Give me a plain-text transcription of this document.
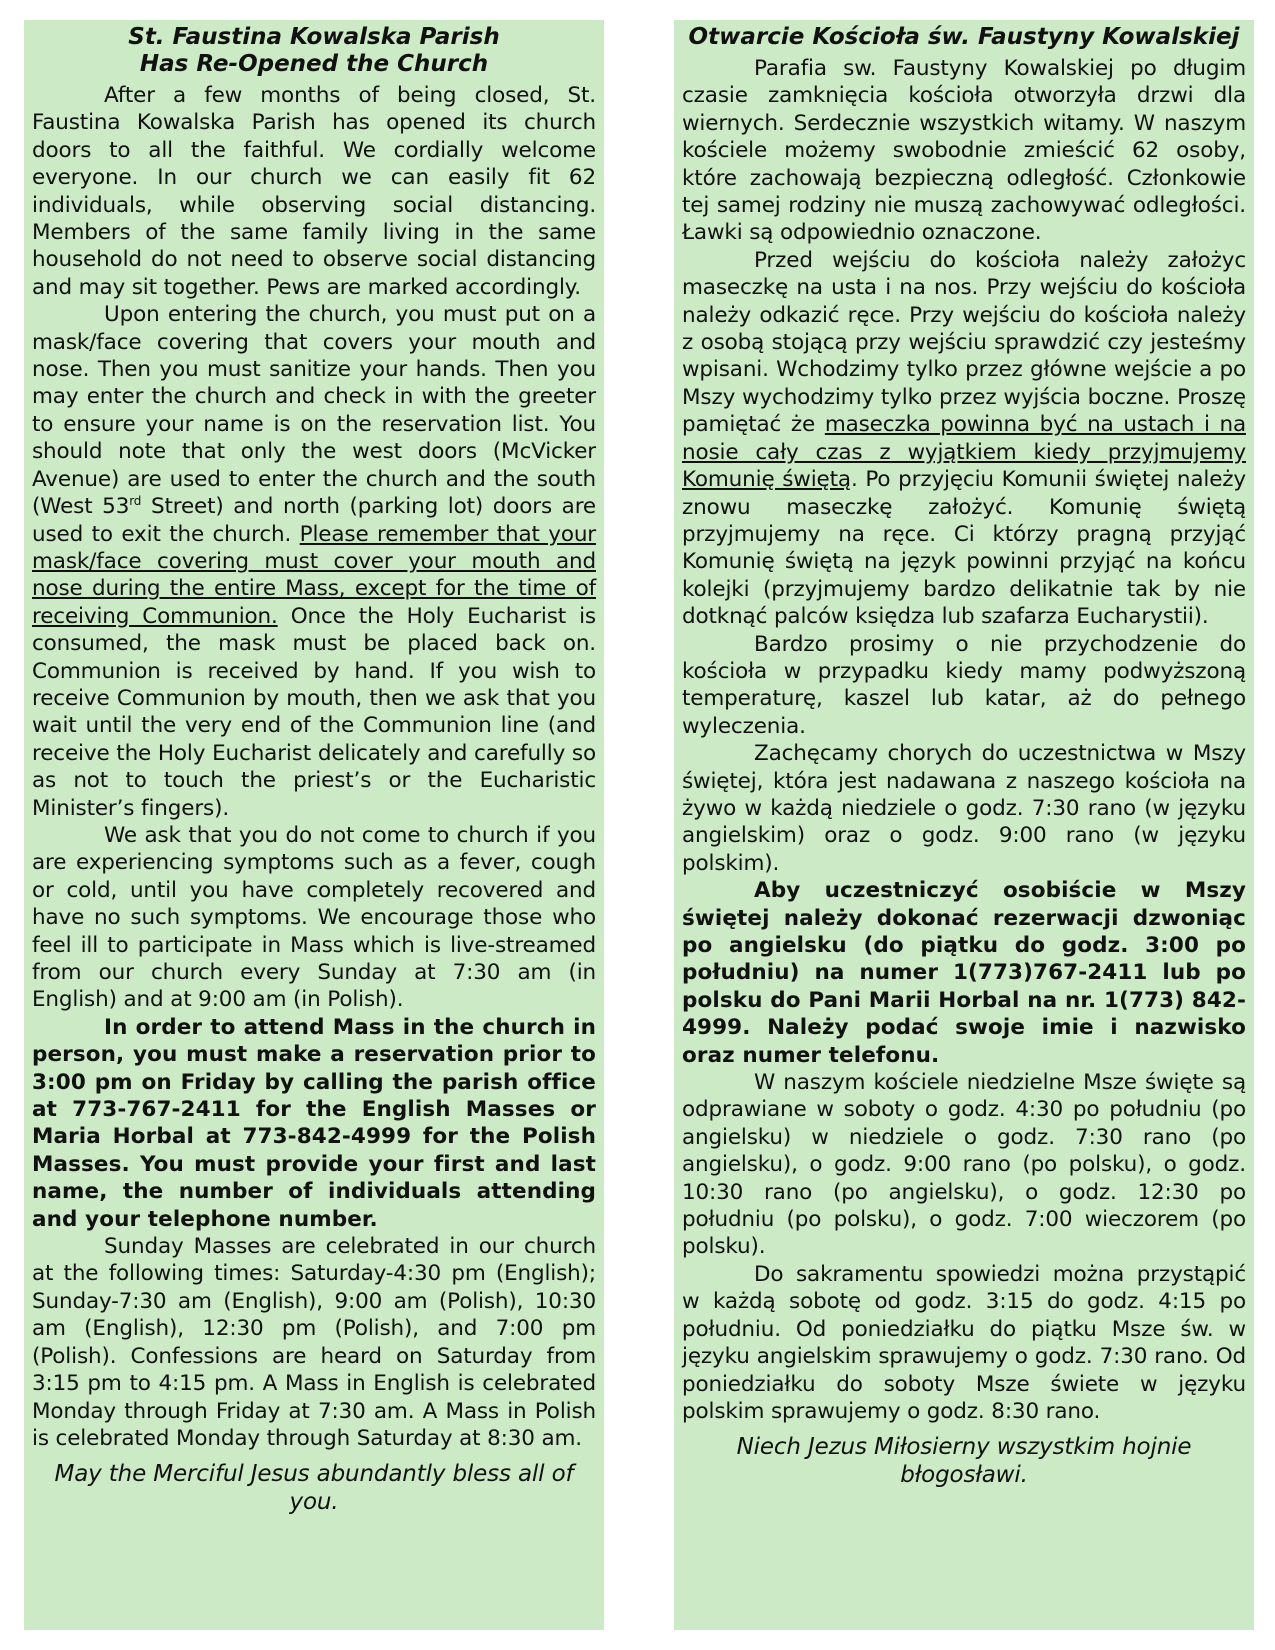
St. Faustina Kowalska Parish
Has Re-Opened the Church

After a few months of being closed, St. Faustina Kowalska Parish has opened its church doors to all the faithful. We cordially welcome everyone. In our church we can easily fit 62 individuals, while observing social distancing. Members of the same family living in the same household do not need to observe social distancing and may sit together. Pews are marked accordingly.

Upon entering the church, you must put on a mask/face covering that covers your mouth and nose. Then you must sanitize your hands. Then you may enter the church and check in with the greeter to ensure your name is on the reservation list. You should note that only the west doors (McVicker Avenue) are used to enter the church and the south (West 53rd Street) and north (parking lot) doors are used to exit the church. Please remember that your mask/face covering must cover your mouth and nose during the entire Mass, except for the time of receiving Communion. Once the Holy Eucharist is consumed, the mask must be placed back on. Communion is received by hand. If you wish to receive Communion by mouth, then we ask that you wait until the very end of the Communion line (and receive the Holy Eucharist delicately and carefully so as not to touch the priest’s or the Eucharistic Minister’s fingers).

We ask that you do not come to church if you are experiencing symptoms such as a fever, cough or cold, until you have completely recovered and have no such symptoms. We encourage those who feel ill to participate in Mass which is live-streamed from our church every Sunday at 7:30 am (in English) and at 9:00 am (in Polish).

In order to attend Mass in the church in person, you must make a reservation prior to 3:00 pm on Friday by calling the parish office at 773-767-2411 for the English Masses or Maria Horbal at 773-842-4999 for the Polish Masses. You must provide your first and last name, the number of individuals attending and your telephone number.

Sunday Masses are celebrated in our church at the following times: Saturday-4:30 pm (English); Sunday-7:30 am (English), 9:00 am (Polish), 10:30 am (English), 12:30 pm (Polish), and 7:00 pm (Polish). Confessions are heard on Saturday from 3:15 pm to 4:15 pm. A Mass in English is celebrated Monday through Friday at 7:30 am. A Mass in Polish is celebrated Monday through Saturday at 8:30 am.

May the Merciful Jesus abundantly bless all of you.

Otwarcie Kościoła św. Faustyny Kowalskiej

Parafia sw. Faustyny Kowalskiej po długim czasie zamknięcia kościoła otworzyła drzwi dla wiernych. Serdecznie wszystkich witamy. W naszym kościele możemy swobodnie zmieścić 62 osoby, które zachowają bezpieczną odległość. Członkowie tej samej rodziny nie muszą zachowywać odległości. Ławki są odpowiednio oznaczone.

Przed wejściu do kościoła należy założyc maseczkę na usta i na nos. Przy wejściu do kościoła należy odkazić ręce. Przy wejściu do kościoła należy z osobą stojącą przy wejściu sprawdzić czy jesteśmy wpisani. Wchodzimy tylko przez główne wejście a po Mszy wychodzimy tylko przez wyjścia boczne. Proszę pamiętać że maseczka powinna być na ustach i na nosie cały czas z wyjątkiem kiedy przyjmujemy Komunię świętą. Po przyjęciu Komunii świętej należy znowu maseczkę założyć. Komunię świętą przyjmujemy na ręce. Ci którzy pragną przyjąć Komunię świętą na język powinni przyjąć na końcu kolejki (przyjmujemy bardzo delikatnie tak by nie dotknąć palców księdza lub szafarza Eucharystii).

Bardzo prosimy o nie przychodzenie do kościoła w przypadku kiedy mamy podwyższoną temperaturę, kaszel lub katar, aż do pełnego wyleczenia.

Zachęcamy chorych do uczestnictwa w Mszy świętej, która jest nadawana z naszego kościoła na żywo w każdą niedziele o godz. 7:30 rano (w języku angielskim) oraz o godz. 9:00 rano (w języku polskim).

Aby uczestniczyć osobiście w Mszy świętej należy dokonać rezerwacji dzwoniąc po angielsku (do piątku do godz. 3:00 po południu) na numer 1(773)767-2411 lub po polsku do Pani Marii Horbal na nr. 1(773) 842-4999. Należy podać swoje imie i nazwisko oraz numer telefonu.

W naszym kościele niedzielne Msze święte są odprawiane w soboty o godz. 4:30 po południu (po angielsku) w niedziele o godz. 7:30 rano (po angielsku), o godz. 9:00 rano (po polsku), o godz. 10:30 rano (po angielsku), o godz. 12:30 po południu (po polsku), o godz. 7:00 wieczorem (po polsku).

Do sakramentu spowiedzi można przystąpić w każdą sobotę od godz. 3:15 do godz. 4:15 po południu. Od poniedziałku do piątku Msze św. w języku angielskim sprawujemy o godz. 7:30 rano. Od poniedziałku do soboty Msze świete w języku polskim sprawujemy o godz. 8:30 rano.

Niech Jezus Miłosierny wszystkim hojnie błogosławi.
